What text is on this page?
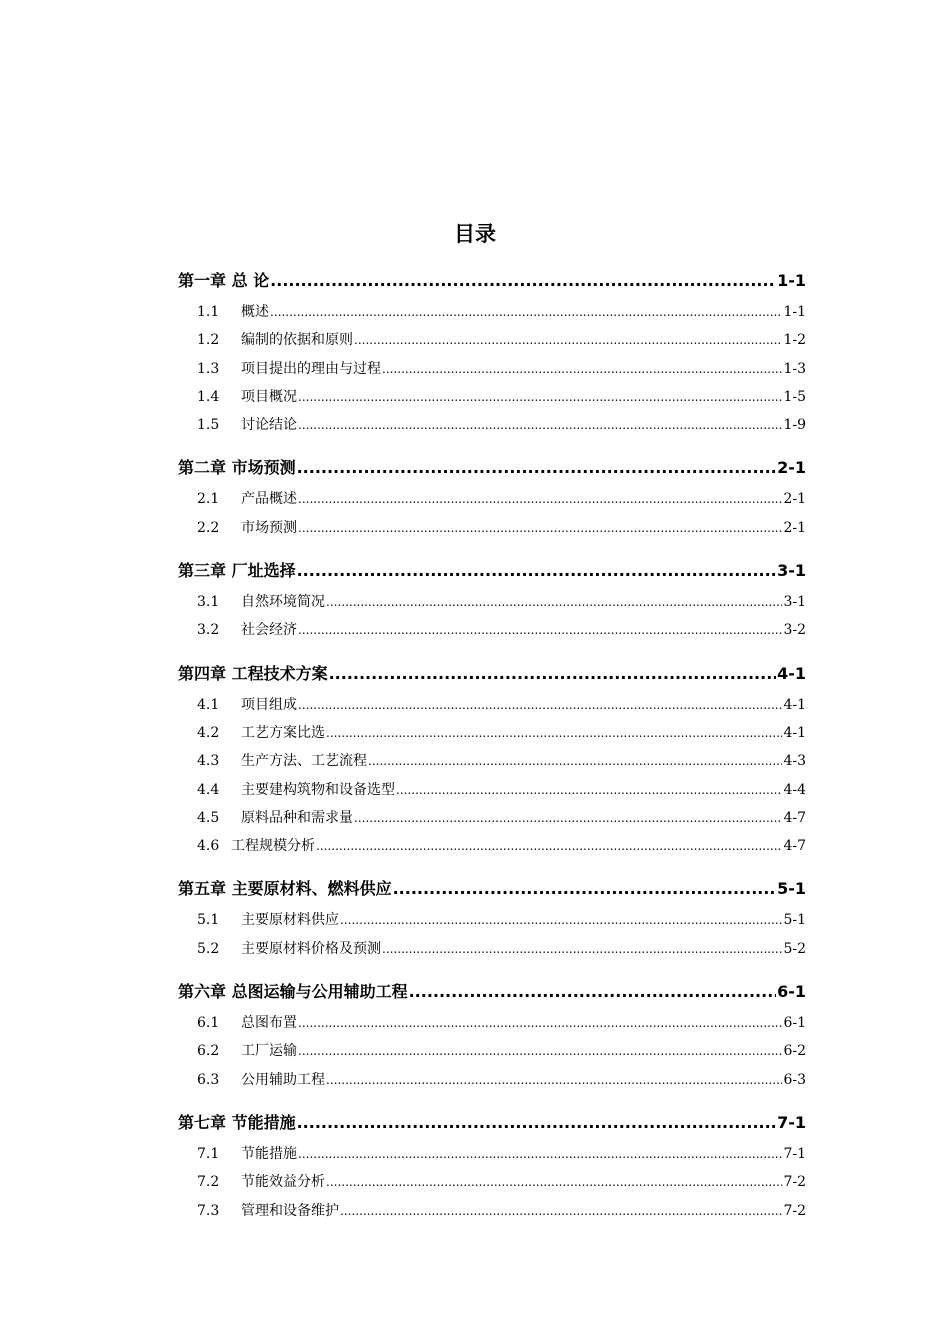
目录
第一章 总 论 .....	1-1
1.1 概述 .....	1-1
1.2 编制的依据和原则 .....	1-2
1.3 项目提出的理由与过程 .....	1-3
1.4 项目概况 .....	1-5
1.5 讨论结论 .....	1-9
第二章 市场预测 .....	2-1
2.1 产品概述 .....	2-1
2.2 市场预测 .....	2-1
第三章 厂址选择 .....	3-1
3.1 自然环境简况 .....	3-1
3.2 社会经济 .....	3-2
第四章 工程技术方案 .....	4-1
4.1 项目组成 .....	4-1
4.2 工艺方案比选 .....	4-1
4.3 生产方法、工艺流程 .....	4-3
4.4 主要建构筑物和设备选型 .....	4-4
4.5 原料品种和需求量 .....	4-7
4.6 工程规模分析 .....	4-7
第五章 主要原材料、燃料供应 .....	5-1
5.1 主要原材料供应 .....	5-1
5.2 主要原材料价格及预测 .....	5-2
第六章 总图运输与公用辅助工程 .....	6-1
6.1 总图布置 .....	6-1
6.2 工厂运输 .....	6-2
6.3 公用辅助工程 .....	6-3
第七章 节能措施 .....	7-1
7.1 节能措施 .....	7-1
7.2 节能效益分析 .....	7-2
7.3 管理和设备维护 .....	7-2
